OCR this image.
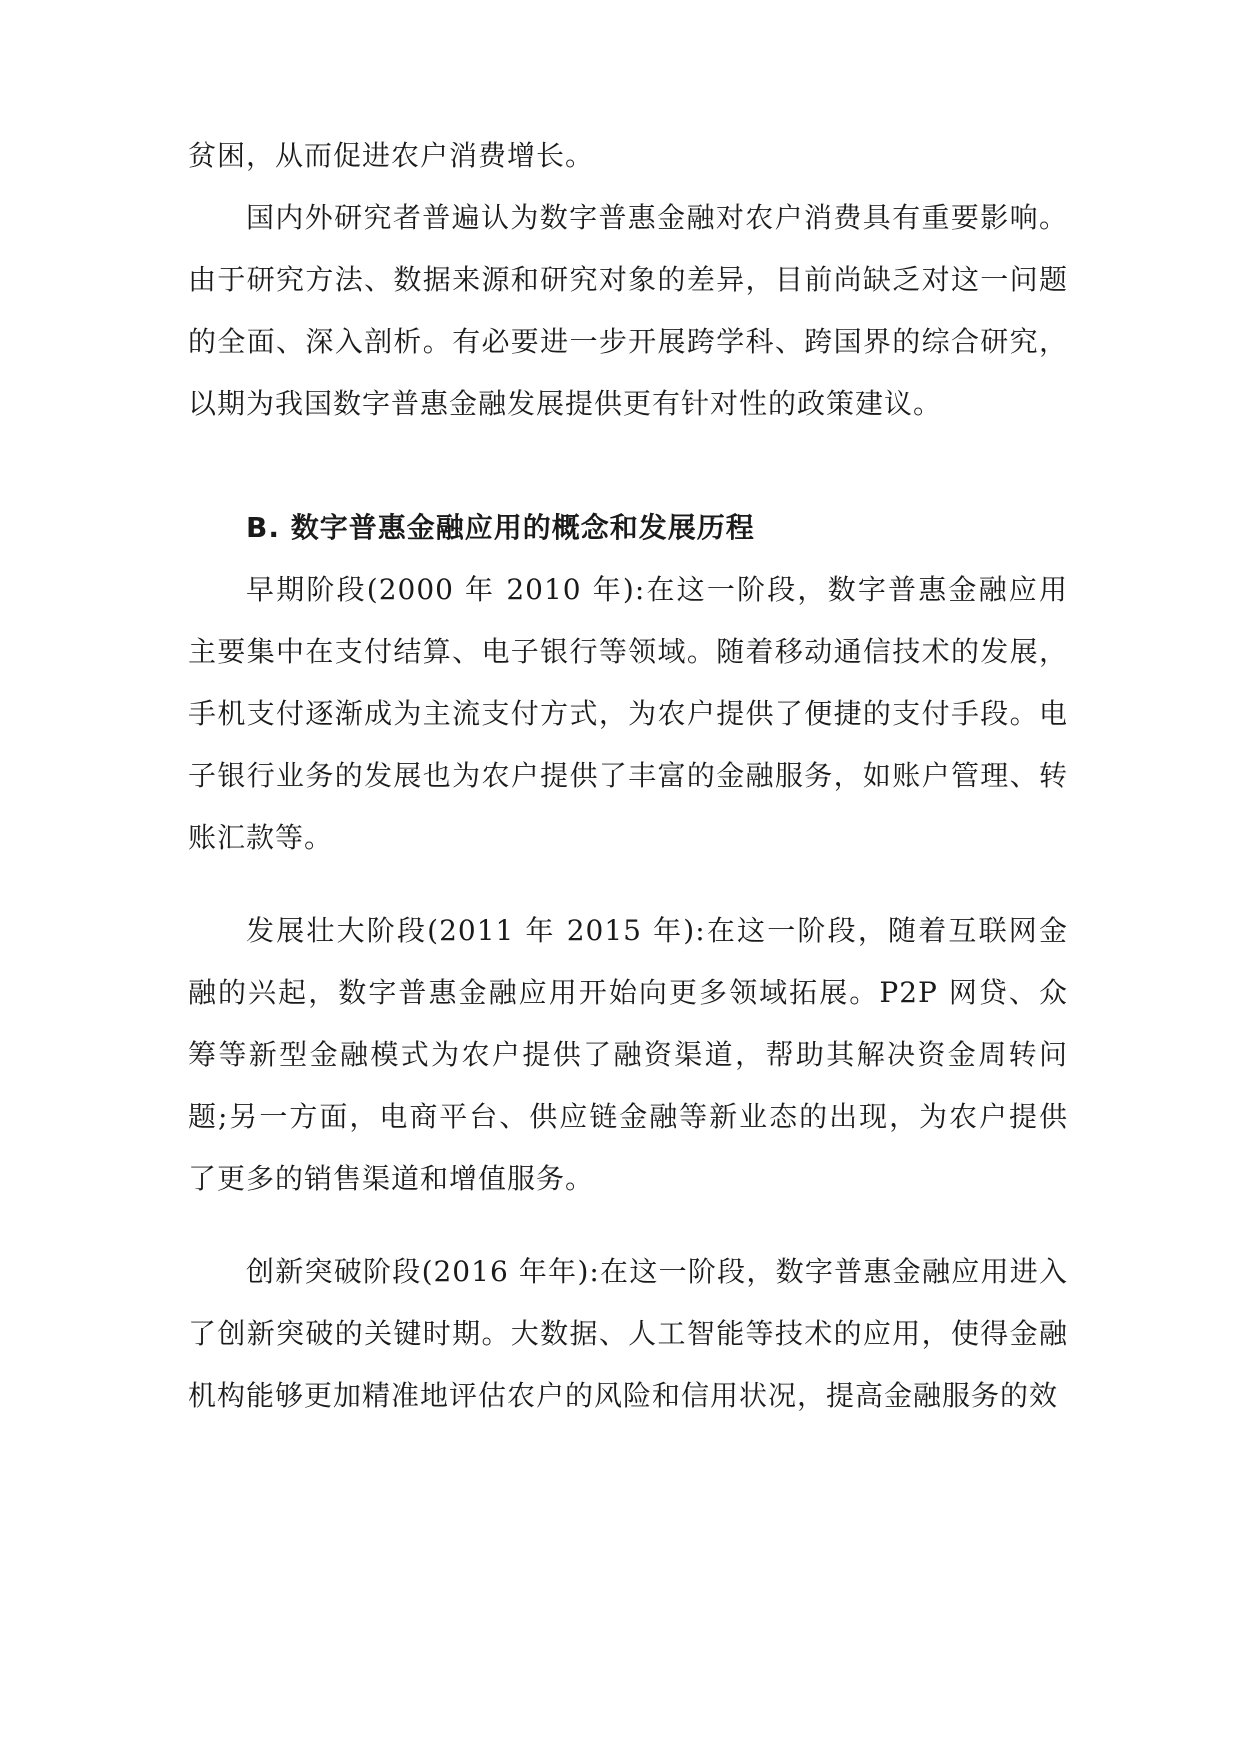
贫困，从而促进农户消费增长。

国内外研究者普遍认为数字普惠金融对农户消费具有重要影响。由于研究方法、数据来源和研究对象的差异，目前尚缺乏对这一问题的全面、深入剖析。有必要进一步开展跨学科、跨国界的综合研究，以期为我国数字普惠金融发展提供更有针对性的政策建议。

B. 数字普惠金融应用的概念和发展历程

早期阶段(2000 年 2010 年):在这一阶段，数字普惠金融应用主要集中在支付结算、电子银行等领域。随着移动通信技术的发展，手机支付逐渐成为主流支付方式，为农户提供了便捷的支付手段。电子银行业务的发展也为农户提供了丰富的金融服务，如账户管理、转账汇款等。

发展壮大阶段(2011 年 2015 年):在这一阶段，随着互联网金融的兴起，数字普惠金融应用开始向更多领域拓展。P2P 网贷、众筹等新型金融模式为农户提供了融资渠道，帮助其解决资金周转问题;另一方面，电商平台、供应链金融等新业态的出现，为农户提供了更多的销售渠道和增值服务。

创新突破阶段(2016 年年):在这一阶段，数字普惠金融应用进入了创新突破的关键时期。大数据、人工智能等技术的应用，使得金融机构能够更加精准地评估农户的风险和信用状况，提高金融服务的效
